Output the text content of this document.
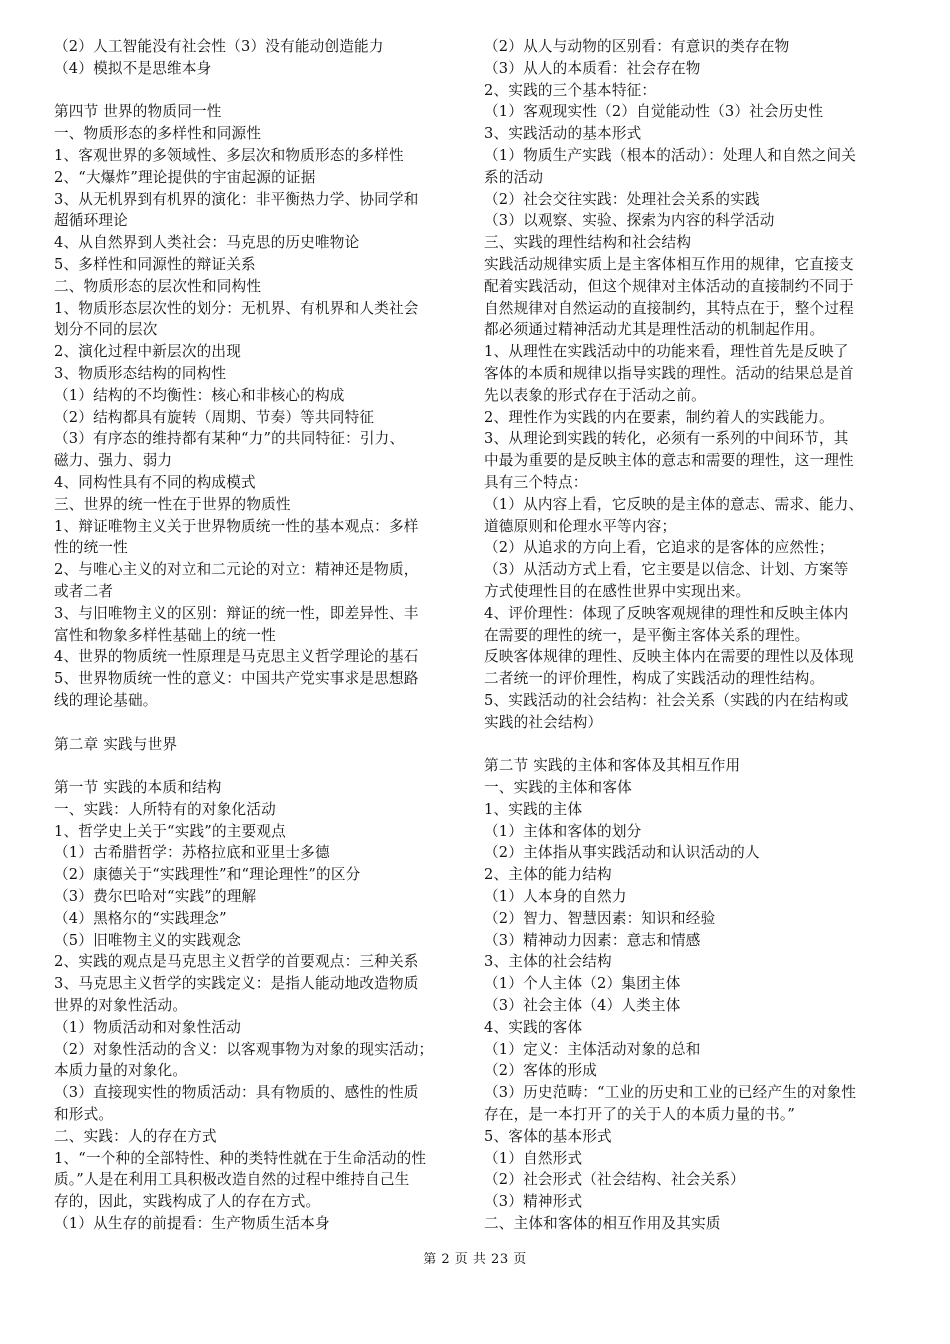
（2）人工智能没有社会性（3）没有能动创造能力
（4）模拟不是思维本身
第四节 世界的物质同一性
一、物质形态的多样性和同源性
1、客观世界的多领域性、多层次和物质形态的多样性
2、“大爆炸”理论提供的宇宙起源的证据
3、从无机界到有机界的演化：非平衡热力学、协同学和
超循环理论
4、从自然界到人类社会：马克思的历史唯物论
5、多样性和同源性的辩证关系
二、物质形态的层次性和同构性
1、物质形态层次性的划分：无机界、有机界和人类社会
划分不同的层次
2、演化过程中新层次的出现
3、物质形态结构的同构性
（1）结构的不均衡性：核心和非核心的构成
（2）结构都具有旋转（周期、节奏）等共同特征
（3）有序态的维持都有某种“力”的共同特征：引力、
磁力、强力、弱力
4、同构性具有不同的构成模式
三、世界的统一性在于世界的物质性
1、辩证唯物主义关于世界物质统一性的基本观点：多样
性的统一性
2、与唯心主义的对立和二元论的对立：精神还是物质，
或者二者
3、与旧唯物主义的区别：辩证的统一性，即差异性、丰
富性和物象多样性基础上的统一性
4、世界的物质统一性原理是马克思主义哲学理论的基石
5、世界物质统一性的意义：中国共产党实事求是思想路
线的理论基础。
第二章 实践与世界
第一节 实践的本质和结构
一、实践：人所特有的对象化活动
1、哲学史上关于“实践”的主要观点
（1）古希腊哲学：苏格拉底和亚里士多德
（2）康德关于“实践理性”和“理论理性”的区分
（3）费尔巴哈对“实践”的理解
（4）黑格尔的“实践理念”
（5）旧唯物主义的实践观念
2、实践的观点是马克思主义哲学的首要观点：三种关系
3、马克思主义哲学的实践定义：是指人能动地改造物质
世界的对象性活动。
（1）物质活动和对象性活动
（2）对象性活动的含义：以客观事物为对象的现实活动；
本质力量的对象化。
（3）直接现实性的物质活动：具有物质的、感性的性质
和形式。
二、实践：人的存在方式
1、“一个种的全部特性、种的类特性就在于生命活动的性
质。”人是在利用工具积极改造自然的过程中维持自己生
存的，因此，实践构成了人的存在方式。
（1）从生存的前提看：生产物质生活本身
（2）从人与动物的区别看：有意识的类存在物
（3）从人的本质看：社会存在物
2、实践的三个基本特征：
（1）客观现实性（2）自觉能动性（3）社会历史性
3、实践活动的基本形式
（1）物质生产实践（根本的活动）：处理人和自然之间关
系的活动
（2）社会交往实践：处理社会关系的实践
（3）以观察、实验、探索为内容的科学活动
三、实践的理性结构和社会结构
实践活动规律实质上是主客体相互作用的规律，它直接支
配着实践活动，但这个规律对主体活动的直接制约不同于
自然规律对自然运动的直接制约，其特点在于，整个过程
都必须通过精神活动尤其是理性活动的机制起作用。
1、从理性在实践活动中的功能来看，理性首先是反映了
客体的本质和规律以指导实践的理性。活动的结果总是首
先以表象的形式存在于活动之前。
2、理性作为实践的内在要素，制约着人的实践能力。
3、从理论到实践的转化，必须有一系列的中间环节，其
中最为重要的是反映主体的意志和需要的理性，这一理性
具有三个特点：
（1）从内容上看，它反映的是主体的意志、需求、能力、
道德原则和伦理水平等内容；
（2）从追求的方向上看，它追求的是客体的应然性；
（3）从活动方式上看，它主要是以信念、计划、方案等
方式使理性目的在感性世界中实现出来。
4、评价理性：体现了反映客观规律的理性和反映主体内
在需要的理性的统一，是平衡主客体关系的理性。
反映客体规律的理性、反映主体内在需要的理性以及体现
二者统一的评价理性，构成了实践活动的理性结构。
5、实践活动的社会结构：社会关系（实践的内在结构或
实践的社会结构）
第二节 实践的主体和客体及其相互作用
一、实践的主体和客体
1、实践的主体
（1）主体和客体的划分
（2）主体指从事实践活动和认识活动的人
2、主体的能力结构
（1）人本身的自然力
（2）智力、智慧因素：知识和经验
（3）精神动力因素：意志和情感
3、主体的社会结构
（1）个人主体（2）集团主体
（3）社会主体（4）人类主体
4、实践的客体
（1）定义：主体活动对象的总和
（2）客体的形成
（3）历史范畴：“工业的历史和工业的已经产生的对象性
存在，是一本打开了的关于人的本质力量的书。”
5、客体的基本形式
（1）自然形式
（2）社会形式（社会结构、社会关系）
（3）精神形式
二、主体和客体的相互作用及其实质
第 2 页 共 23 页
